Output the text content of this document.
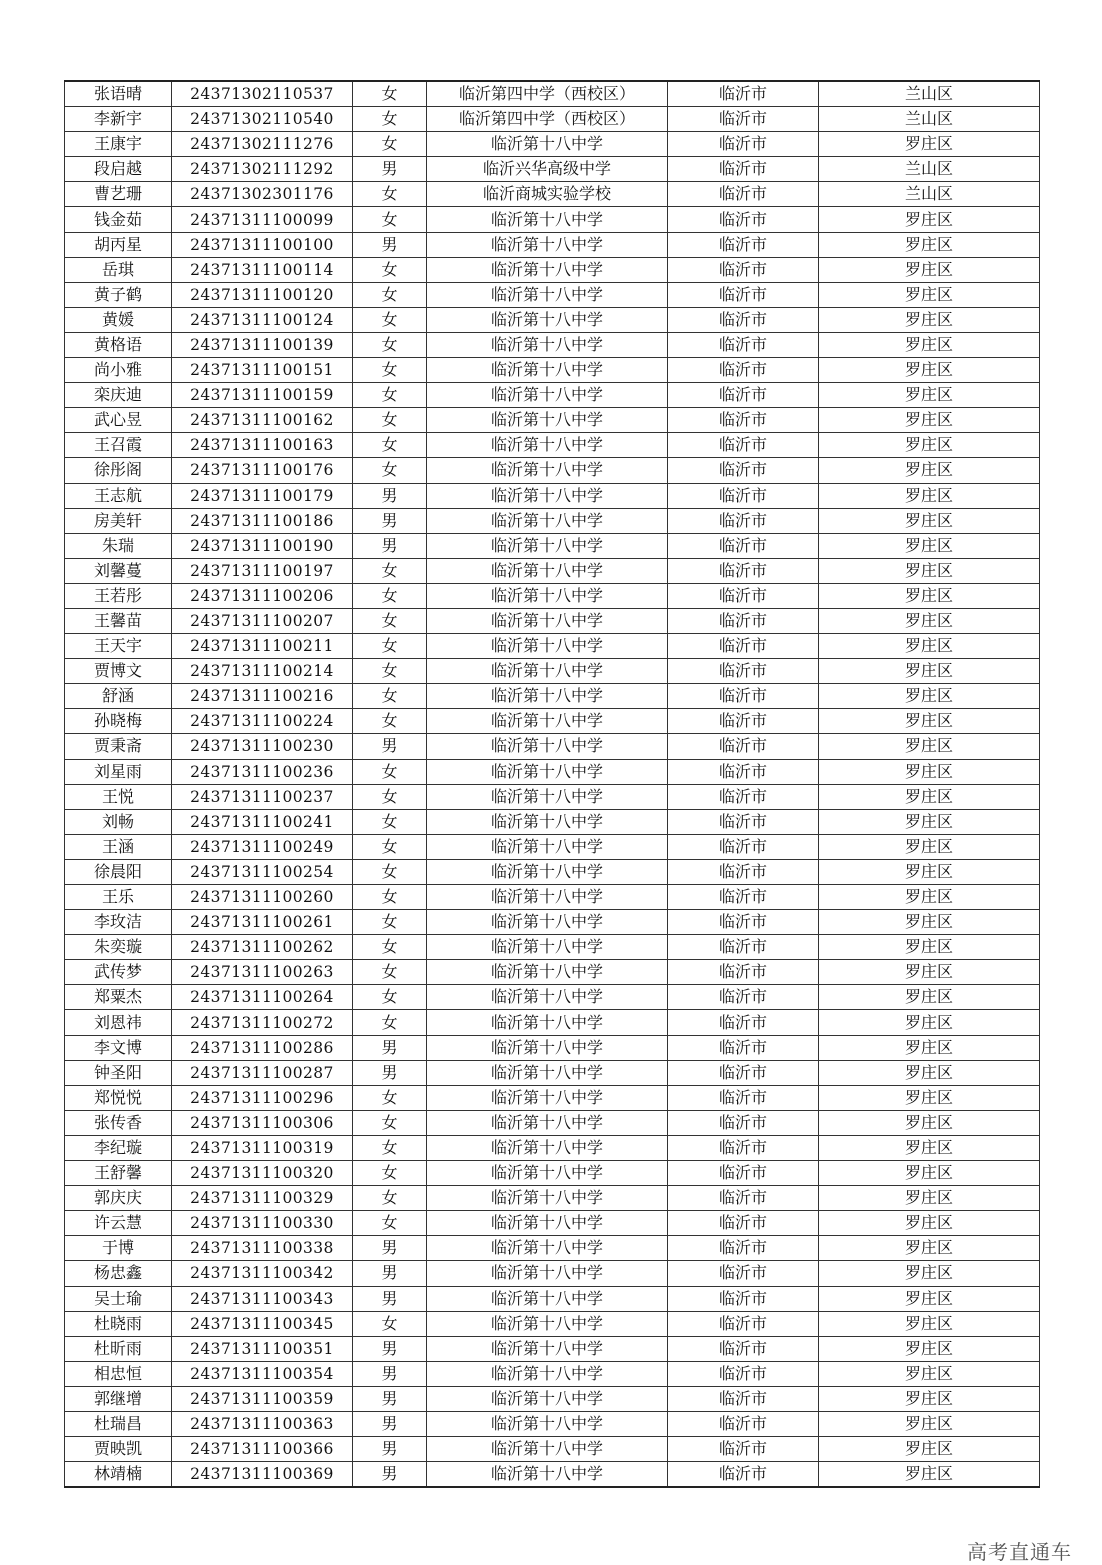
张语晴	24371302110537	女	临沂第四中学（西校区）	临沂市	兰山区
李新宇	24371302110540	女	临沂第四中学（西校区）	临沂市	兰山区
王康宇	24371302111276	女	临沂第十八中学	临沂市	罗庄区
段启越	24371302111292	男	临沂兴华高级中学	临沂市	兰山区
曹艺珊	24371302301176	女	临沂商城实验学校	临沂市	兰山区
钱金茹	24371311100099	女	临沂第十八中学	临沂市	罗庄区
胡丙星	24371311100100	男	临沂第十八中学	临沂市	罗庄区
岳琪	24371311100114	女	临沂第十八中学	临沂市	罗庄区
黄子鹤	24371311100120	女	临沂第十八中学	临沂市	罗庄区
黄媛	24371311100124	女	临沂第十八中学	临沂市	罗庄区
黄格语	24371311100139	女	临沂第十八中学	临沂市	罗庄区
尚小雅	24371311100151	女	临沂第十八中学	临沂市	罗庄区
栾庆迪	24371311100159	女	临沂第十八中学	临沂市	罗庄区
武心昱	24371311100162	女	临沂第十八中学	临沂市	罗庄区
王召霞	24371311100163	女	临沂第十八中学	临沂市	罗庄区
徐彤阁	24371311100176	女	临沂第十八中学	临沂市	罗庄区
王志航	24371311100179	男	临沂第十八中学	临沂市	罗庄区
房美轩	24371311100186	男	临沂第十八中学	临沂市	罗庄区
朱瑞	24371311100190	男	临沂第十八中学	临沂市	罗庄区
刘馨蔓	24371311100197	女	临沂第十八中学	临沂市	罗庄区
王若彤	24371311100206	女	临沂第十八中学	临沂市	罗庄区
王馨苗	24371311100207	女	临沂第十八中学	临沂市	罗庄区
王天宇	24371311100211	女	临沂第十八中学	临沂市	罗庄区
贾博文	24371311100214	女	临沂第十八中学	临沂市	罗庄区
舒涵	24371311100216	女	临沂第十八中学	临沂市	罗庄区
孙晓梅	24371311100224	女	临沂第十八中学	临沂市	罗庄区
贾秉斋	24371311100230	男	临沂第十八中学	临沂市	罗庄区
刘星雨	24371311100236	女	临沂第十八中学	临沂市	罗庄区
王悦	24371311100237	女	临沂第十八中学	临沂市	罗庄区
刘畅	24371311100241	女	临沂第十八中学	临沂市	罗庄区
王涵	24371311100249	女	临沂第十八中学	临沂市	罗庄区
徐晨阳	24371311100254	女	临沂第十八中学	临沂市	罗庄区
王乐	24371311100260	女	临沂第十八中学	临沂市	罗庄区
李玫洁	24371311100261	女	临沂第十八中学	临沂市	罗庄区
朱奕璇	24371311100262	女	临沂第十八中学	临沂市	罗庄区
武传梦	24371311100263	女	临沂第十八中学	临沂市	罗庄区
郑粟杰	24371311100264	女	临沂第十八中学	临沂市	罗庄区
刘恩祎	24371311100272	女	临沂第十八中学	临沂市	罗庄区
李文博	24371311100286	男	临沂第十八中学	临沂市	罗庄区
钟圣阳	24371311100287	男	临沂第十八中学	临沂市	罗庄区
郑悦悦	24371311100296	女	临沂第十八中学	临沂市	罗庄区
张传香	24371311100306	女	临沂第十八中学	临沂市	罗庄区
李纪璇	24371311100319	女	临沂第十八中学	临沂市	罗庄区
王舒馨	24371311100320	女	临沂第十八中学	临沂市	罗庄区
郭庆庆	24371311100329	女	临沂第十八中学	临沂市	罗庄区
许云慧	24371311100330	女	临沂第十八中学	临沂市	罗庄区
于博	24371311100338	男	临沂第十八中学	临沂市	罗庄区
杨忠鑫	24371311100342	男	临沂第十八中学	临沂市	罗庄区
吴士瑜	24371311100343	男	临沂第十八中学	临沂市	罗庄区
杜晓雨	24371311100345	女	临沂第十八中学	临沂市	罗庄区
杜昕雨	24371311100351	男	临沂第十八中学	临沂市	罗庄区
相忠恒	24371311100354	男	临沂第十八中学	临沂市	罗庄区
郭继增	24371311100359	男	临沂第十八中学	临沂市	罗庄区
杜瑞昌	24371311100363	男	临沂第十八中学	临沂市	罗庄区
贾映凯	24371311100366	男	临沂第十八中学	临沂市	罗庄区
林靖楠	24371311100369	男	临沂第十八中学	临沂市	罗庄区
高考直通车
